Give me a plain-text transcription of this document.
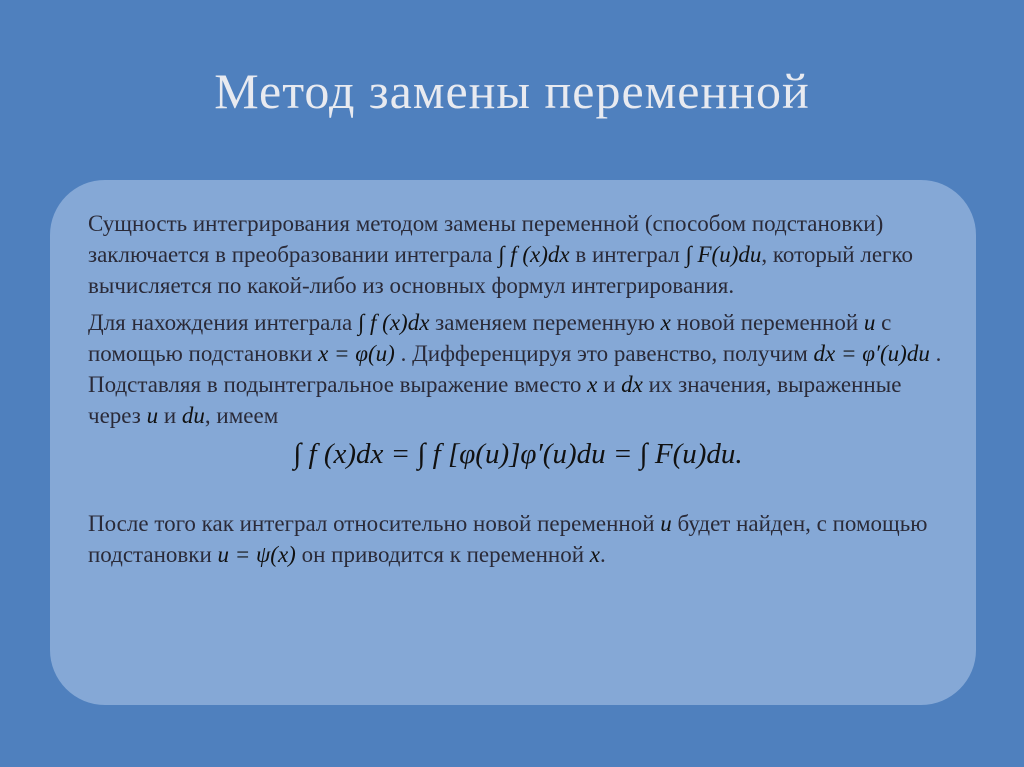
Метод замены переменной

Сущность интегрирования методом замены переменной (способом подстановки) заключается в преобразовании интеграла ∫ f (x)dx в интеграл ∫ F(u)du, который легко вычисляется по какой-либо из основных формул интегрирования.

Для нахождения интеграла ∫ f (x)dx заменяем переменную x новой переменной u с помощью подстановки x = φ(u) . Дифференцируя это равенство, получим dx = φ′(u)du . Подставляя в подынтегральное выражение вместо x и dx их значения, выраженные через u и du, имеем

∫ f (x)dx = ∫ f [φ(u)]φ′(u)du = ∫ F(u)du.

После того как интеграл относительно новой переменной u будет найден, с помощью подстановки u = ψ(x) он приводится к переменной x.
